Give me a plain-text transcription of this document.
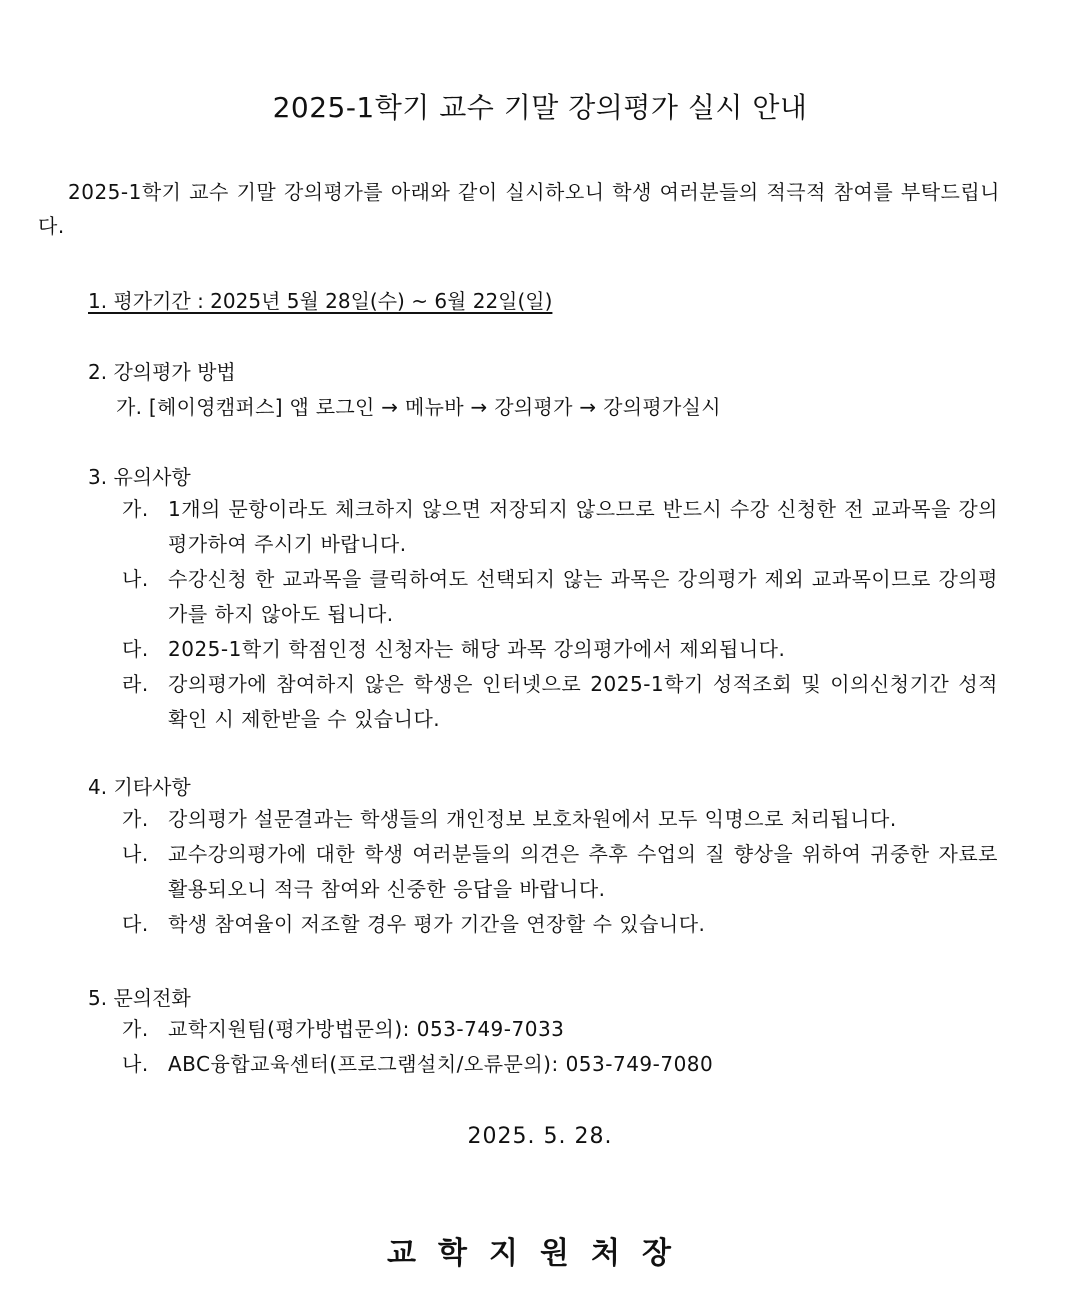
2025-1학기 교수 기말 강의평가 실시 안내
2025-1학기 교수 기말 강의평가를 아래와 같이 실시하오니 학생 여러분들의 적극적 참여를 부탁드립니다.
1. 평가기간 : 2025년 5월 28일(수) ~ 6월 22일(일)
2. 강의평가 방법
가. [헤이영캠퍼스] 앱 로그인 → 메뉴바 → 강의평가 → 강의평가실시
3. 유의사항
가. 1개의 문항이라도 체크하지 않으면 저장되지 않으므로 반드시 수강 신청한 전 교과목을 강의 평가하여 주시기 바랍니다.
나. 수강신청 한 교과목을 클릭하여도 선택되지 않는 과목은 강의평가 제외 교과목이므로 강의평가를 하지 않아도 됩니다.
다. 2025-1학기 학점인정 신청자는 해당 과목 강의평가에서 제외됩니다.
라. 강의평가에 참여하지 않은 학생은 인터넷으로 2025-1학기 성적조회 및 이의신청기간 성적 확인 시 제한받을 수 있습니다.
4. 기타사항
가. 강의평가 설문결과는 학생들의 개인정보 보호차원에서 모두 익명으로 처리됩니다.
나. 교수강의평가에 대한 학생 여러분들의 의견은 추후 수업의 질 향상을 위하여 귀중한 자료로 활용되오니 적극 참여와 신중한 응답을 바랍니다.
다. 학생 참여율이 저조할 경우 평가 기간을 연장할 수 있습니다.
5. 문의전화
가. 교학지원팀(평가방법문의): 053-749-7033
나. ABC융합교육센터(프로그램설치/오류문의): 053-749-7080
2025. 5. 28.
교학지원처장
